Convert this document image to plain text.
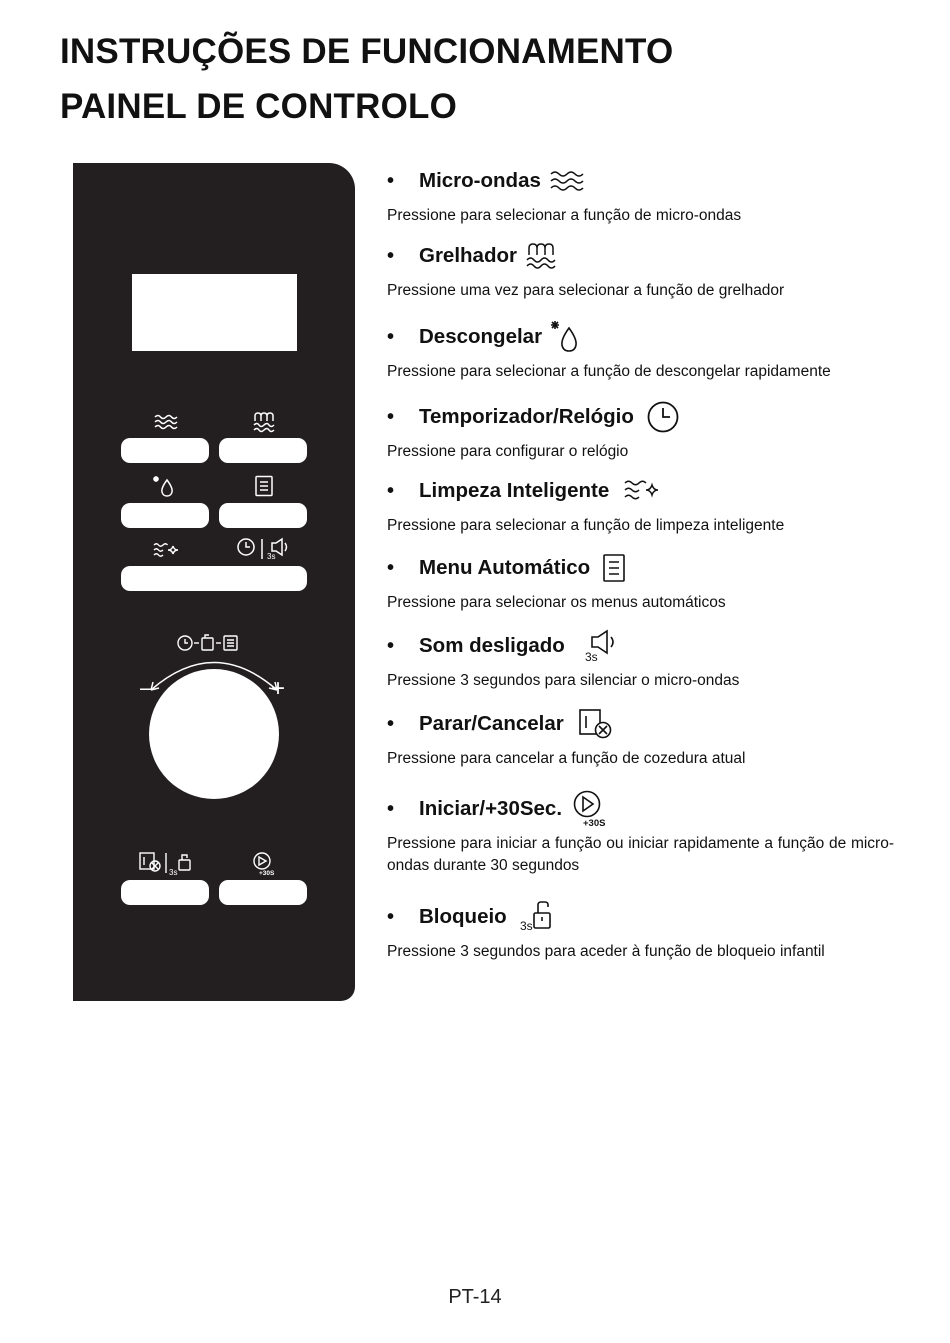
INSTRUÇÕES DE FUNCIONAMENTO
PAINEL DE CONTROLO
3s
–	+
3s	+30S
•	Micro-ondas

Pressione para selecionar a função de micro-ondas

•	Grelhador

Pressione uma vez para selecionar a função de grelhador

•	Descongelar

Pressione para selecionar a função de descongelar rapidamente

•	Temporizador/Relógio

Pressione para configurar o relógio

•	Limpeza Inteligente

Pressione para selecionar a função de limpeza inteligente

•	Menu Automático

Pressione para selecionar os menus automáticos

•	Som desligado 3s

Pressione 3 segundos para silenciar o micro-ondas

•	Parar/Cancelar

Pressione para cancelar a função de cozedura atual

•	Iniciar/+30Sec.
+30S

Pressione para iniciar a função ou iniciar rapidamente a função de micro-ondas durante 30 segundos

•	Bloqueio 3s

Pressione 3 segundos para aceder à função de bloqueio infantil

PT-14
